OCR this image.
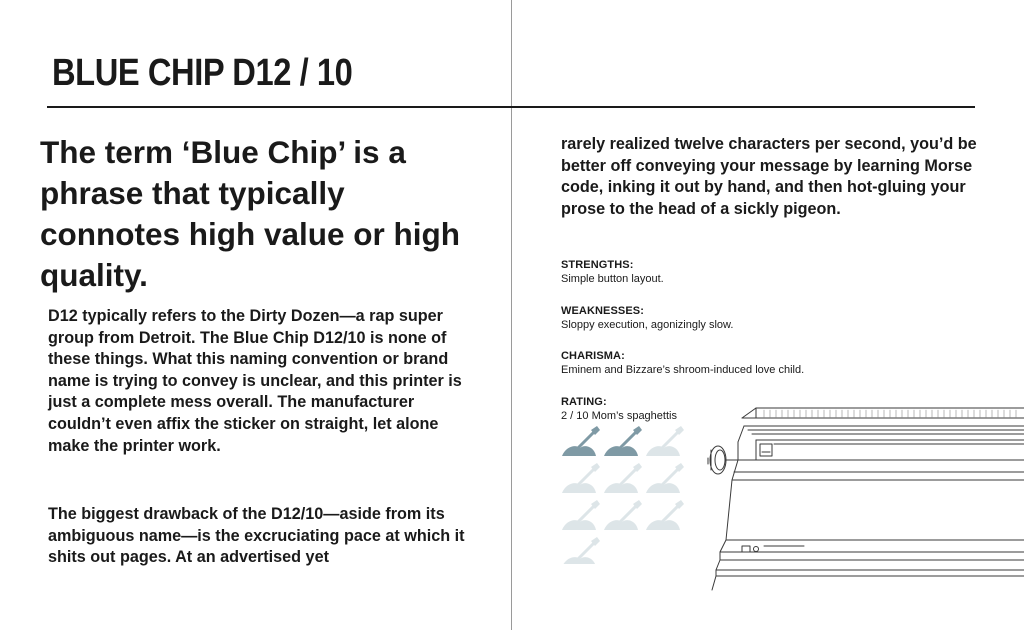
BLUE CHIP D12 / 10

The term ‘Blue Chip’ is a phrase that typically connotes high value or high quality.

D12 typically refers to the Dirty Dozen—a rap super group from Detroit. The Blue Chip D12/10 is none of these things. What this naming convention or brand name is trying to convey is unclear, and this printer is just a complete mess overall. The manufacturer couldn’t even affix the sticker on straight, let alone make the printer work.

The biggest drawback of the D12/10—aside from its ambiguous name—is the excruciating pace at which it shits out pages. At an advertised yet

rarely realized twelve characters per second, you’d be better off conveying your message by learning Morse code, inking it out by hand, and then hot-gluing your prose to the head of a sickly pigeon.

STRENGTHS:
Simple button layout.
WEAKNESSES:
Sloppy execution, agonizingly slow.
CHARISMA:
Eminem and Bizzare’s shroom-induced love child.
RATING:
2 / 10 Mom’s spaghettis
